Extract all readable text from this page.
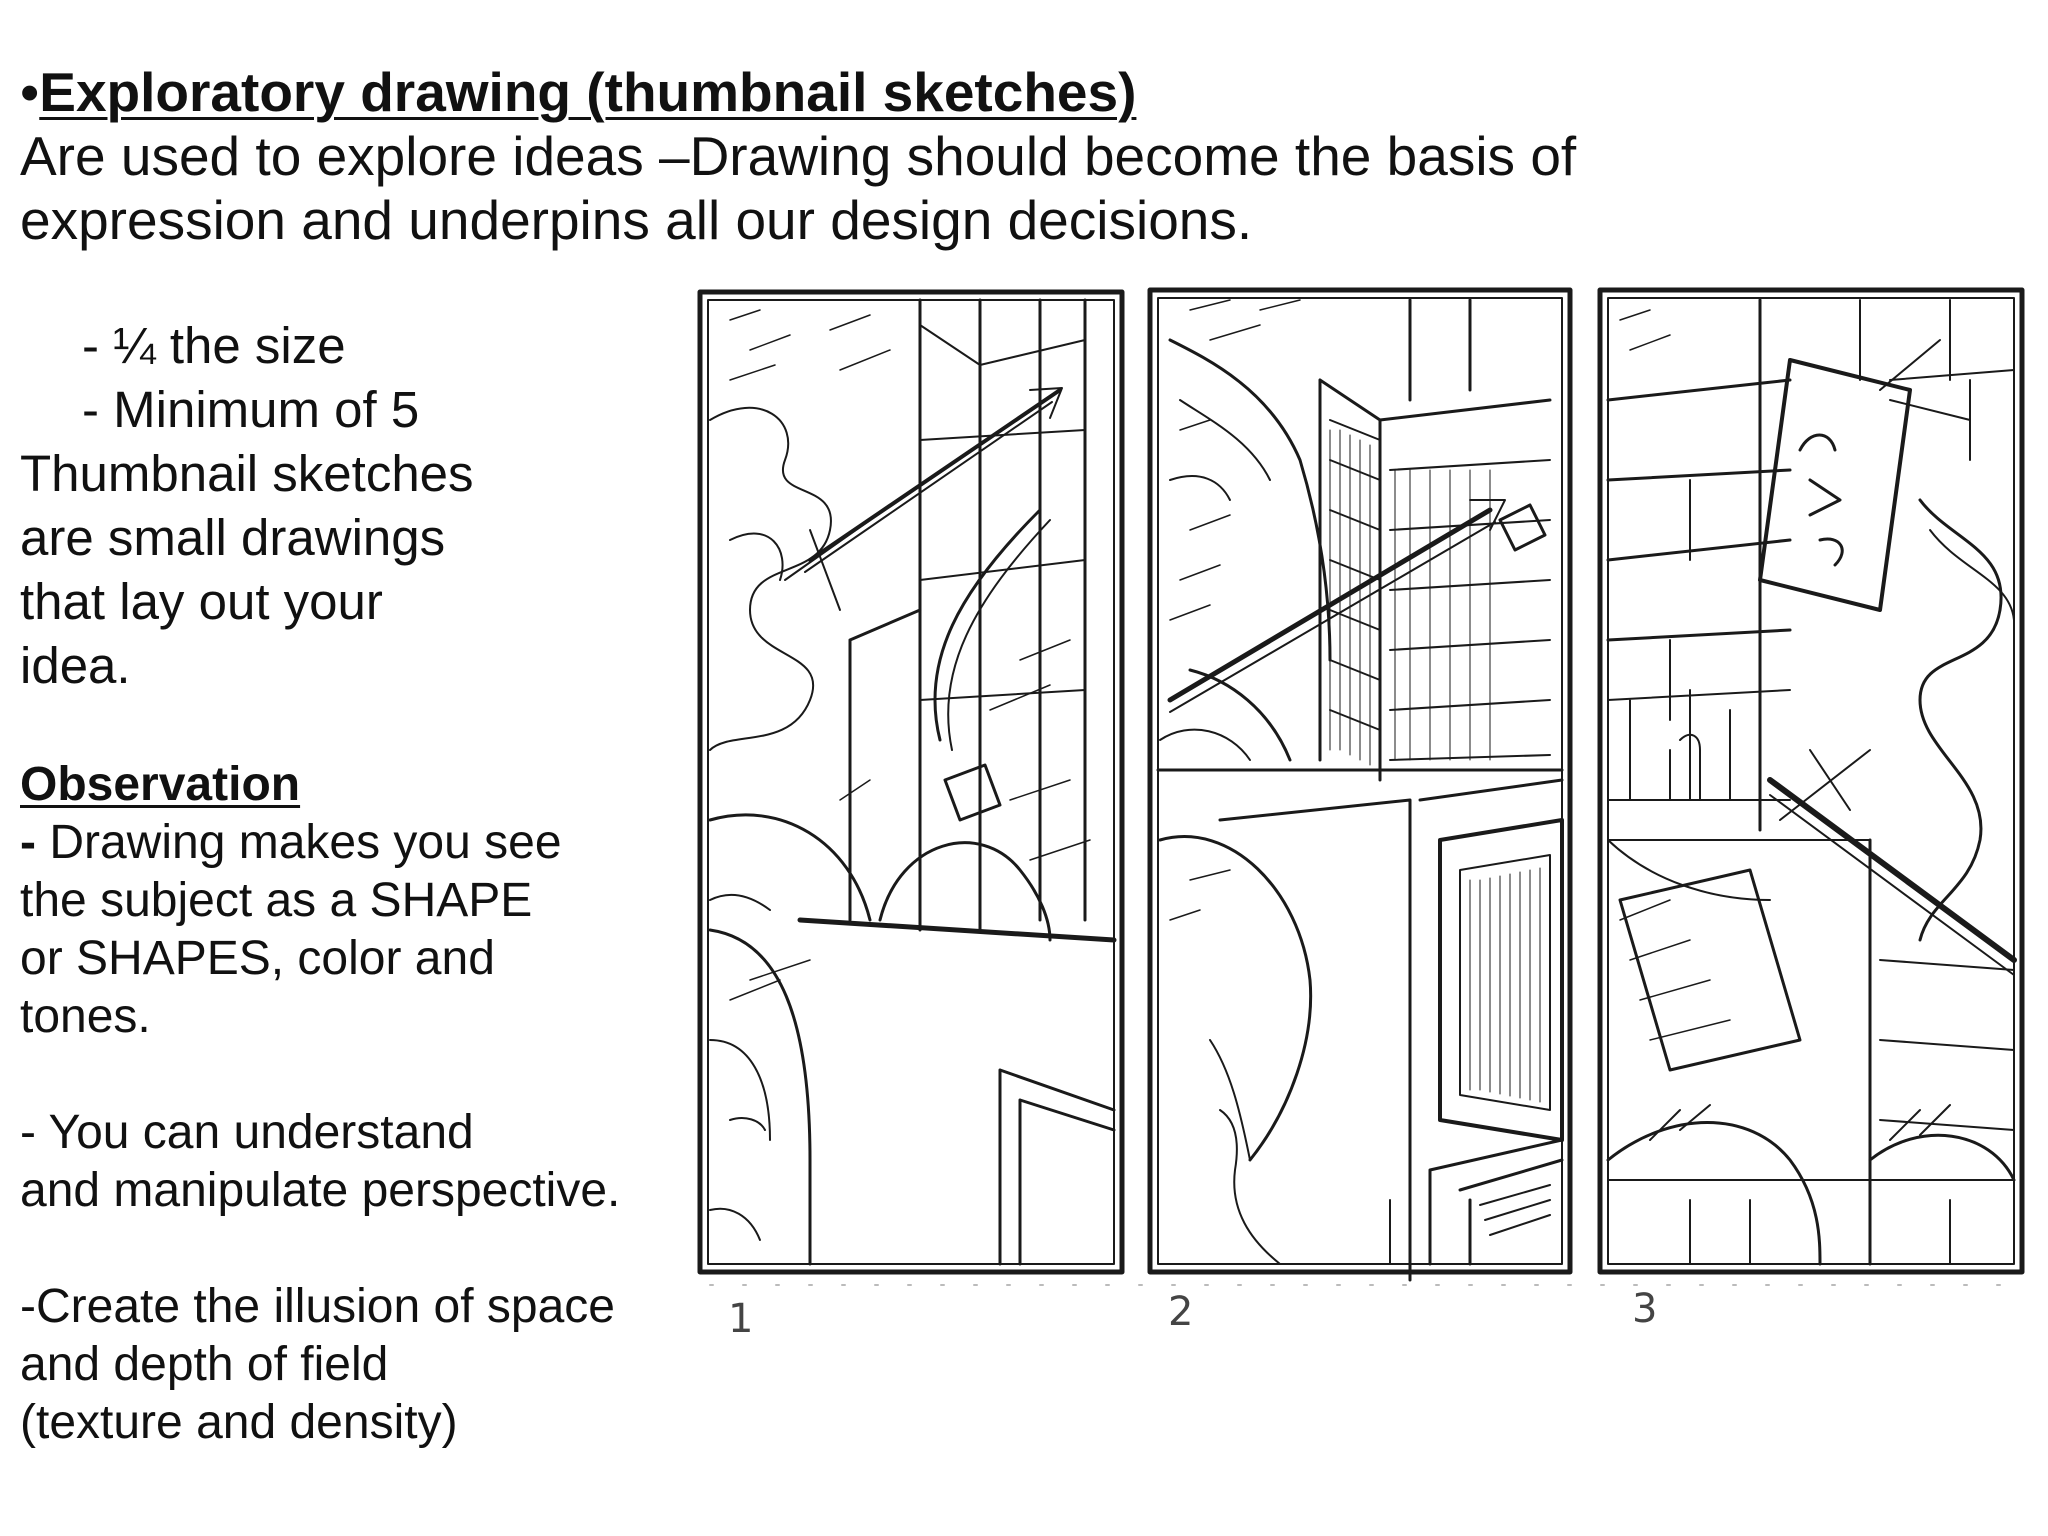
•Exploratory drawing (thumbnail sketches)
Are used to explore ideas –Drawing should become the basis of
expression and underpins all our design decisions.
- ¼ the size
- Minimum of 5
Thumbnail sketches
are small drawings
that lay out your
idea.
Observation
- Drawing makes you see
the subject as a SHAPE
or SHAPES, color and
tones.
- You can understand
and manipulate perspective.
-Create the illusion of space
and depth of field
(texture and density)
1	2	3
